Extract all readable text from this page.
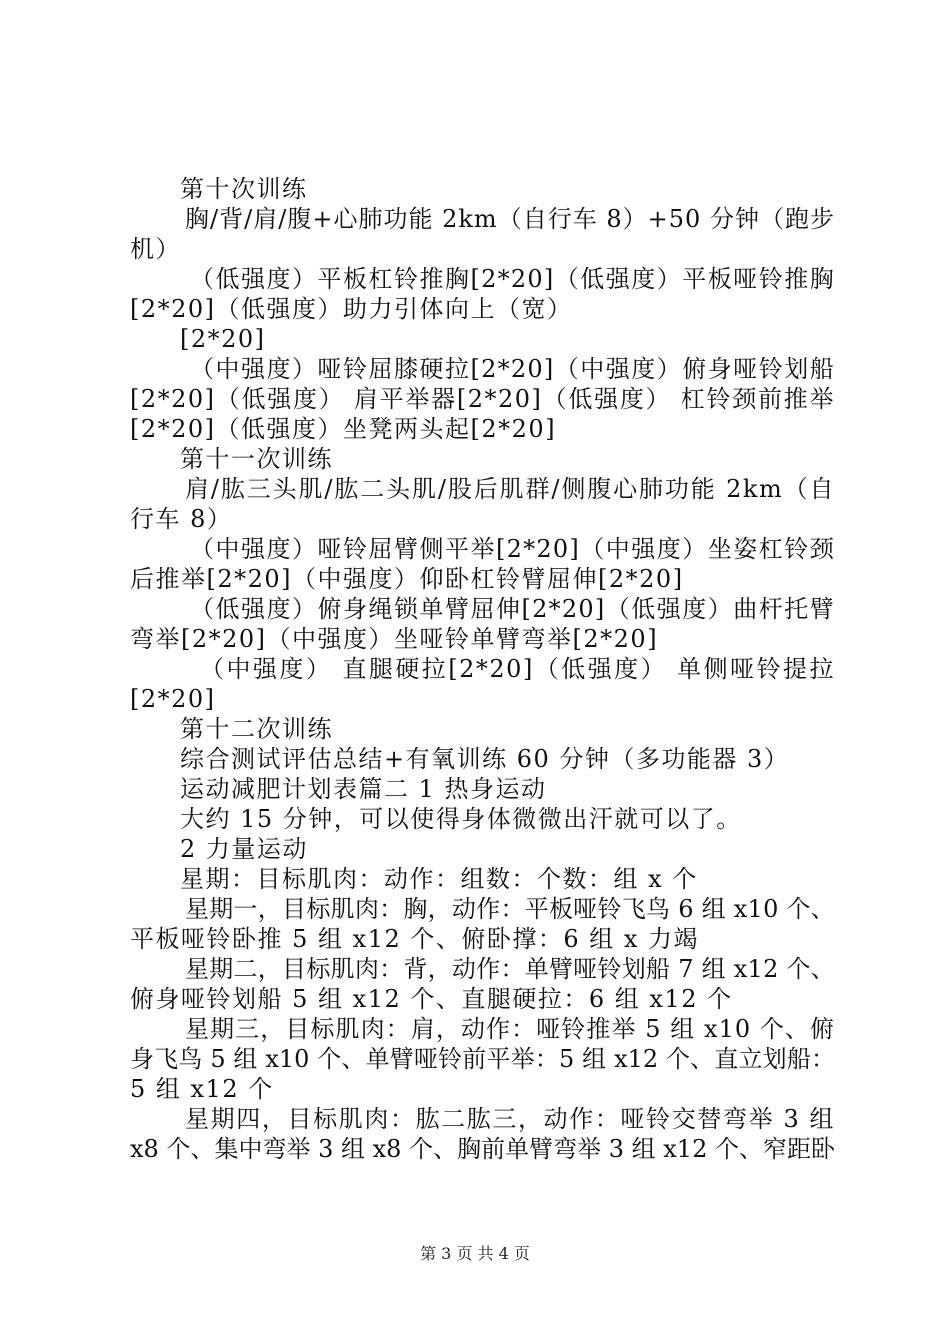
第十次训练
胸/背/肩/腹+心肺功能 2km（自行车 8）+50 分钟（跑步
机）
（低强度）平板杠铃推胸[2*20]（低强度）平板哑铃推胸
[2*20]（低强度）助力引体向上（宽）
[2*20]
（中强度）哑铃屈膝硬拉[2*20]（中强度）俯身哑铃划船
[2*20]（低强度） 肩平举器[2*20]（低强度） 杠铃颈前推举
[2*20]（低强度）坐凳两头起[2*20]
第十一次训练
肩/肱三头肌/肱二头肌/股后肌群/侧腹心肺功能 2km（自
行车 8）
（中强度）哑铃屈臂侧平举[2*20]（中强度）坐姿杠铃颈
后推举[2*20]（中强度）仰卧杠铃臂屈伸[2*20]
（低强度）俯身绳锁单臂屈伸[2*20]（低强度）曲杆托臂
弯举[2*20]（中强度）坐哑铃单臂弯举[2*20]
（中强度） 直腿硬拉[2*20]（低强度） 单侧哑铃提拉
[2*20]
第十二次训练
综合测试评估总结+有氧训练 60 分钟（多功能器 3）
运动减肥计划表篇二 1 热身运动
大约 15 分钟，可以使得身体微微出汗就可以了。
2 力量运动
星期：目标肌肉：动作：组数：个数：组 x 个
星期一，目标肌肉：胸，动作：平板哑铃飞鸟 6 组 x10 个、
平板哑铃卧推 5 组 x12 个、俯卧撑：6 组 x 力竭
星期二，目标肌肉：背，动作：单臂哑铃划船 7 组 x12 个、
俯身哑铃划船 5 组 x12 个、直腿硬拉：6 组 x12 个
星期三，目标肌肉：肩，动作：哑铃推举 5 组 x10 个、俯
身飞鸟 5 组 x10 个、单臂哑铃前平举：5 组 x12 个、直立划船：
5 组 x12 个
星期四，目标肌肉：肱二肱三，动作：哑铃交替弯举 3 组
x8 个、集中弯举 3 组 x8 个、胸前单臂弯举 3 组 x12 个、窄距卧
第 3 页 共 4 页
